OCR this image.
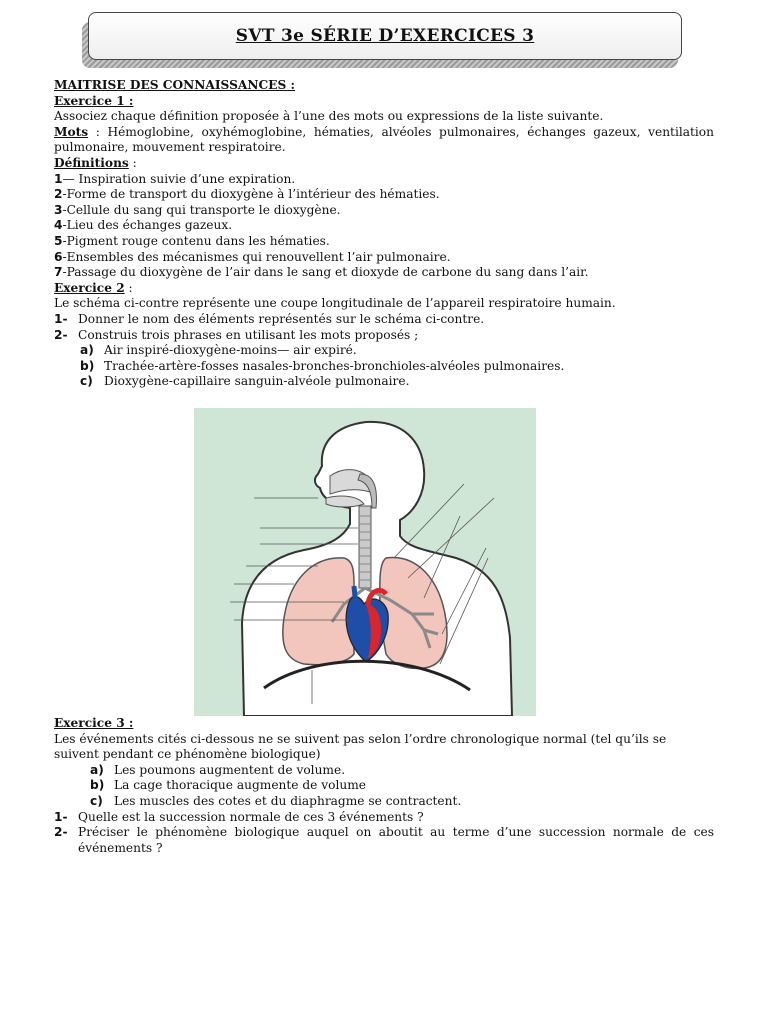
SVT 3e SÉRIE D’EXERCICES 3

MAITRISE DES CONNAISSANCES :

Exercice 1 :

Associez chaque définition proposée à l’une des mots ou expressions de la liste suivante.

Mots : Hémoglobine, oxyhémoglobine, hématies, alvéoles pulmonaires, échanges gazeux, ventilation pulmonaire, mouvement respiratoire.

Définitions :

1— Inspiration suivie d’une expiration.

2-Forme de transport du dioxygène à l’intérieur des hématies.

3-Cellule du sang qui transporte le dioxygène.

4-Lieu des échanges gazeux.

5-Pigment rouge contenu dans les hématies.

6-Ensembles des mécanismes qui renouvellent l’air pulmonaire.

7-Passage du dioxygène de l’air dans le sang et dioxyde de carbone du sang dans l’air.

Exercice 2 :

Le schéma ci-contre représente une coupe longitudinale de l’appareil respiratoire humain.

1- Donner le nom des éléments représentés sur le schéma ci-contre.
2- Construis trois phrases en utilisant les mots proposés ;

a) Air inspiré-dioxygène-moins— air expiré.

b) Trachée-artère-fosses nasales-bronches-bronchioles-alvéoles pulmonaires.

c) Dioxygène-capillaire sanguin-alvéole pulmonaire.

Exercice 3 :

Les événements cités ci-dessous ne se suivent pas selon l’ordre chronologique normal (tel qu’ils se suivent pendant ce phénomène biologique)

a) Les poumons augmentent de volume.

b) La cage thoracique augmente de volume

c) Les muscles des cotes et du diaphragme se contractent.

1- Quelle est la succession normale de ces 3 événements ?
2- Préciser le phénomène biologique auquel on aboutit au terme d’une succession normale de ces événements ?
